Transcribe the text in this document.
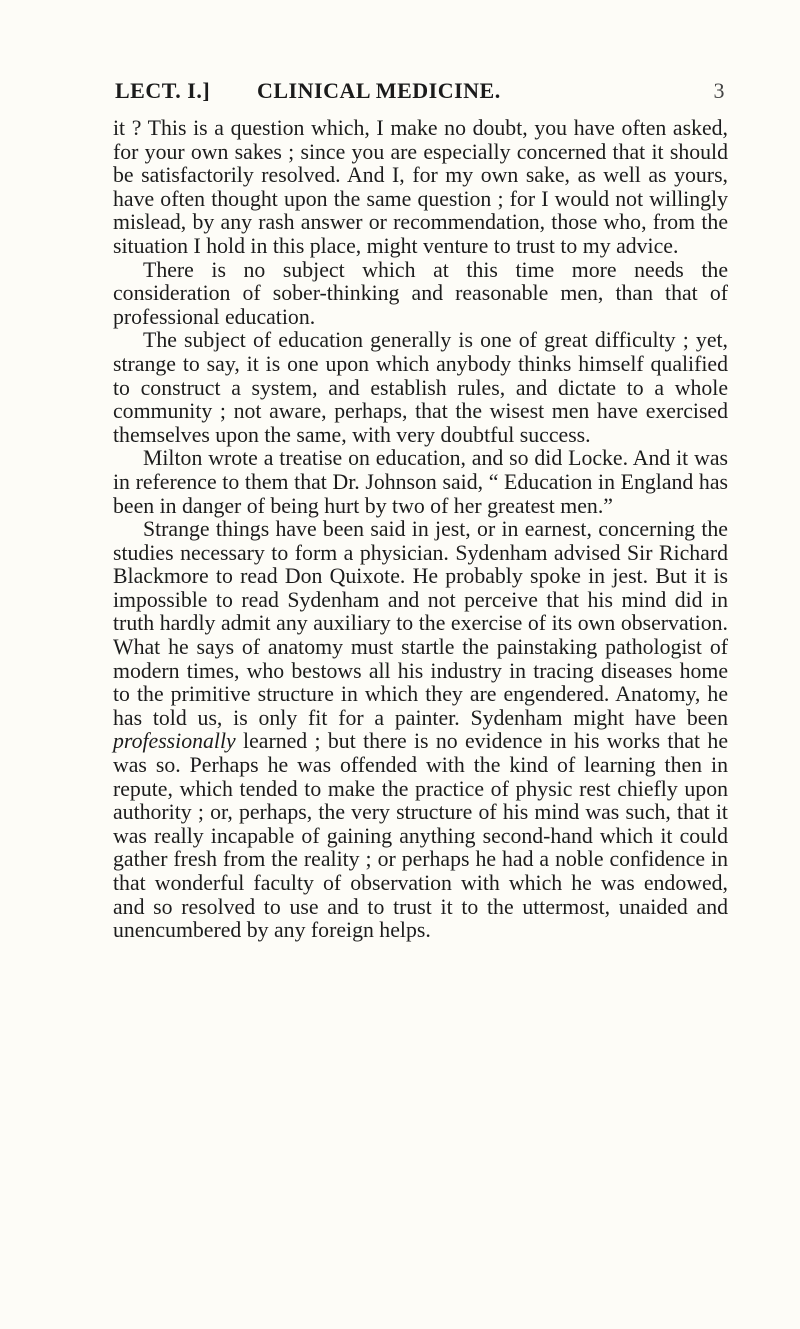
LECT. I.] CLINICAL MEDICINE.	3

it ? This is a question which, I make no doubt, you have often asked, for your own sakes ; since you are especially concerned that it should be satisfactorily resolved. And I, for my own sake, as well as yours, have often thought upon the same question ; for I would not willingly mislead, by any rash answer or recommendation, those who, from the situation I hold in this place, might venture to trust to my advice.

There is no subject which at this time more needs the consideration of sober-thinking and reasonable men, than that of professional education.

The subject of education generally is one of great difficulty ; yet, strange to say, it is one upon which anybody thinks himself qualified to construct a system, and establish rules, and dictate to a whole community ; not aware, perhaps, that the wisest men have exercised themselves upon the same, with very doubtful success.

Milton wrote a treatise on education, and so did Locke. And it was in reference to them that Dr. Johnson said, “ Education in England has been in danger of being hurt by two of her greatest men.”

Strange things have been said in jest, or in earnest, concerning the studies necessary to form a physician. Sydenham advised Sir Richard Blackmore to read Don Quixote. He probably spoke in jest. But it is impossible to read Sydenham and not perceive that his mind did in truth hardly admit any auxiliary to the exercise of its own observation. What he says of anatomy must startle the painstaking pathologist of modern times, who bestows all his industry in tracing diseases home to the primitive structure in which they are engendered. Anatomy, he has told us, is only fit for a painter. Sydenham might have been professionally learned ; but there is no evidence in his works that he was so. Perhaps he was offended with the kind of learning then in repute, which tended to make the practice of physic rest chiefly upon authority ; or, perhaps, the very structure of his mind was such, that it was really incapable of gaining anything second-hand which it could gather fresh from the reality ; or perhaps he had a noble confidence in that wonderful faculty of observation with which he was endowed, and so resolved to use and to trust it to the uttermost, unaided and unencumbered by any foreign helps.
